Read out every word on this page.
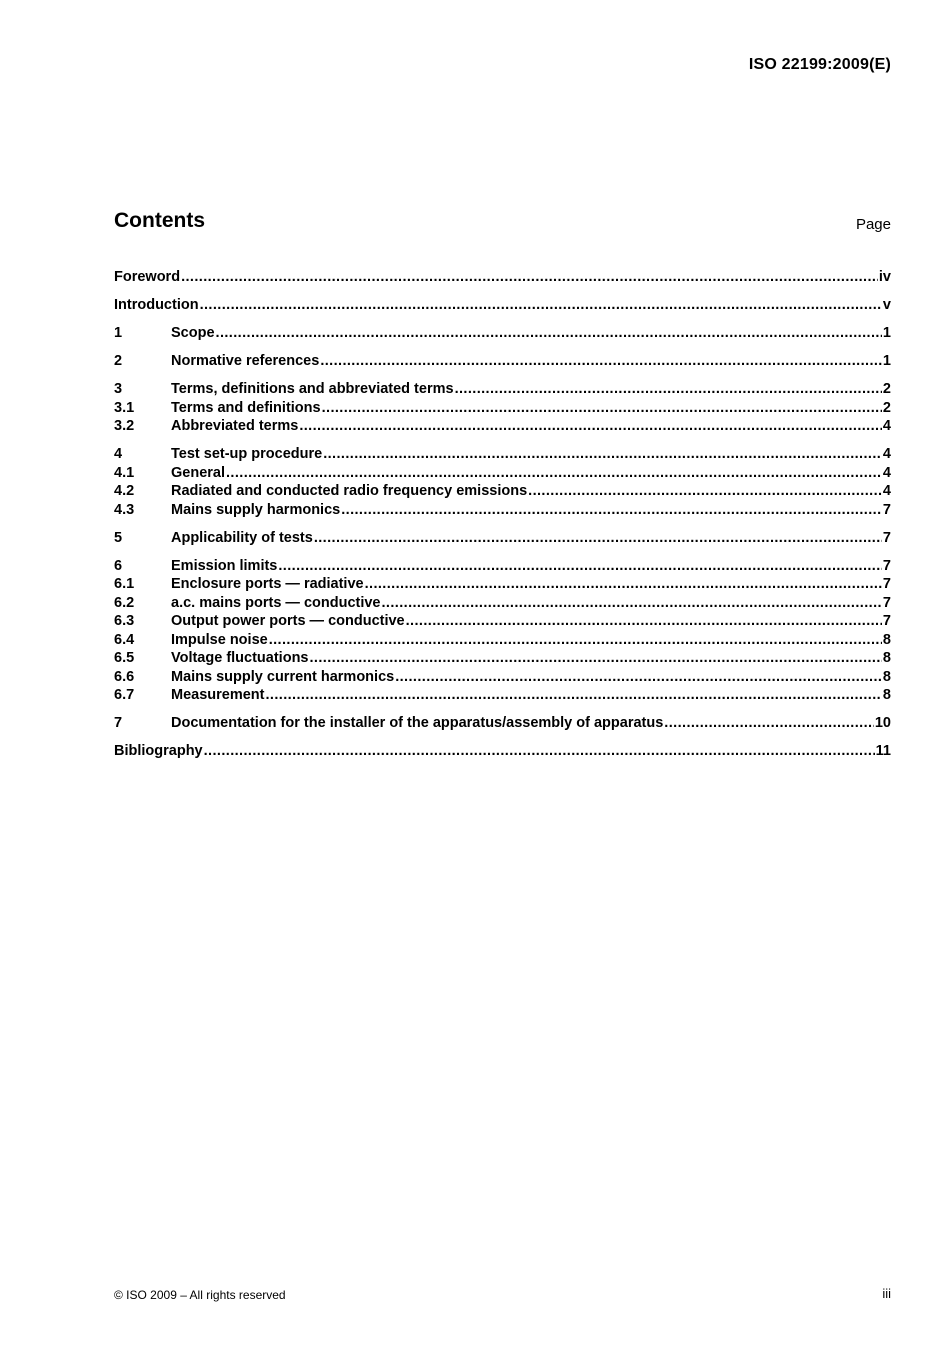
ISO 22199:2009(E)
Contents	Page
Foreword .....	iv
Introduction .....	v
1	Scope .....	1
2	Normative references .....	1
3	Terms, definitions and abbreviated terms .....	2
3.1	Terms and definitions .....	2
3.2	Abbreviated terms .....	4
4	Test set-up procedure .....	4
4.1	General .....	4
4.2	Radiated and conducted radio frequency emissions .....	4
4.3	Mains supply harmonics .....	7
5	Applicability of tests .....	7
6	Emission limits .....	7
6.1	Enclosure ports — radiative .....	7
6.2	a.c. mains ports — conductive .....	7
6.3	Output power ports — conductive .....	7
6.4	Impulse noise .....	8
6.5	Voltage fluctuations .....	8
6.6	Mains supply current harmonics .....	8
6.7	Measurement .....	8
7	Documentation for the installer of the apparatus/assembly of apparatus .....	10
Bibliography .....	11
© ISO 2009 – All rights reserved	iii
